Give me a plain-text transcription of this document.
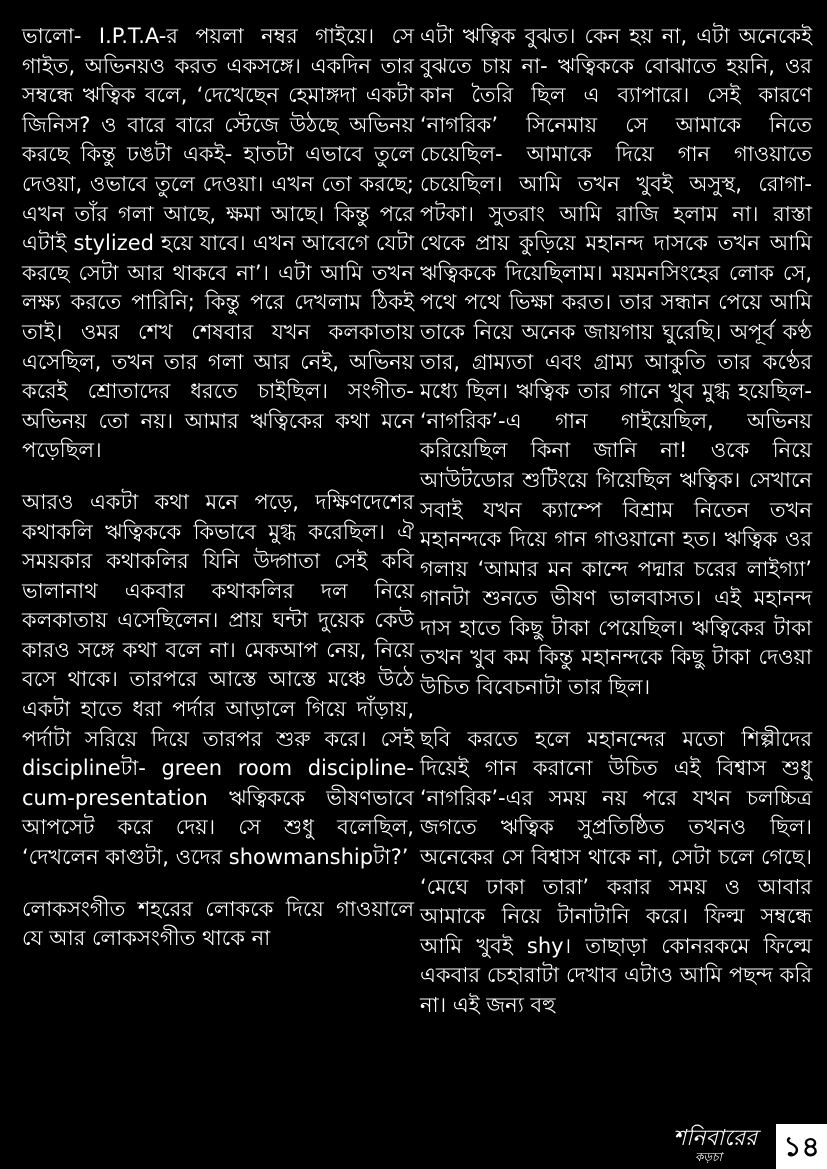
ভালো- I.P.T.A-র পয়লা নম্বর গাইয়ে। সে গাইত, অভিনয়ও করত একসঙ্গে। একদিন তার সম্বন্ধে ঋত্বিক বলে, ‘দেখেছেন হেমাঙ্গদা একটা জিনিস? ও বারে বারে স্টেজে উঠছে অভিনয় করছে কিন্তু ঢঙটা একই- হাতটা এভাবে তুলে দেওয়া, ওভাবে তুলে দেওয়া। এখন তো করছে; এখন তাঁর গলা আছে, ক্ষমা আছে। কিন্তু পরে এটাই stylized হয়ে যাবে। এখন আবেগে যেটা করছে সেটা আর থাকবে না’। এটা আমি তখন লক্ষ্য করতে পারিনি; কিন্তু পরে দেখলাম ঠিকই তাই। ওমর শেখ শেষবার যখন কলকাতায় এসেছিল, তখন তার গলা আর নেই, অভিনয় করেই শ্রোতাদের ধরতে চাইছিল। সংগীত-অভিনয় তো নয়। আমার ঋত্বিকের কথা মনে পড়েছিল।

আরও একটা কথা মনে পড়ে, দক্ষিণদেশের কথাকলি ঋত্বিককে কিভাবে মুগ্ধ করেছিল। ঐ সময়কার কথাকলির যিনি উদ্গাতা সেই কবি ভালানাথ একবার কথাকলির দল নিয়ে কলকাতায় এসেছিলেন। প্রায় ঘন্টা দুয়েক কেউ কারও সঙ্গে কথা বলে না। মেকআপ নেয়, নিয়ে বসে থাকে। তারপরে আস্তে আস্তে মঞ্চে উঠে একটা হাতে ধরা পর্দার আড়ালে গিয়ে দাঁড়ায়, পর্দাটা সরিয়ে দিয়ে তারপর শুরু করে। সেই disciplineটা- green room discipline-cum-presentation ঋত্বিককে ভীষণভাবে আপসেট করে দেয়। সে শুধু বলেছিল, ‘দেখলেন কাগুটা, ওদের showmanshipটা?’

লোকসংগীত শহরের লোককে দিয়ে গাওয়ালে যে আর লোকসংগীত থাকে না

এটা ঋত্বিক বুঝত। কেন হয় না, এটা অনেকেই বুঝতে চায় না- ঋত্বিককে বোঝাতে হয়নি, ওর কান তৈরি ছিল এ ব্যাপারে। সেই কারণে ‘নাগরিক’ সিনেমায় সে আমাকে নিতে চেয়েছিল- আমাকে দিয়ে গান গাওয়াতে চেয়েছিল। আমি তখন খুবই অসুস্থ, রোগা-পটকা। সুতরাং আমি রাজি হলাম না। রাস্তা থেকে প্রায় কুড়িয়ে মহানন্দ দাসকে তখন আমি ঋত্বিককে দিয়েছিলাম। ময়মনসিংহের লোক সে, পথে পথে ভিক্ষা করত। তার সন্ধান পেয়ে আমি তাকে নিয়ে অনেক জায়গায় ঘুরেছি। অপূর্ব কণ্ঠ তার, গ্রাম্যতা এবং গ্রাম্য আকুতি তার কণ্ঠের মধ্যে ছিল। ঋত্বিক তার গানে খুব মুগ্ধ হয়েছিল- ‘নাগরিক’-এ গান গাইয়েছিল, অভিনয় করিয়েছিল কিনা জানি না! ওকে নিয়ে আউটডোর শুটিংয়ে গিয়েছিল ঋত্বিক। সেখানে সবাই যখন ক্যাম্পে বিশ্রাম নিতেন তখন মহানন্দকে দিয়ে গান গাওয়ানো হত। ঋত্বিক ওর গলায় ‘আমার মন কান্দে পদ্মার চরের লাইগ্যা’ গানটা শুনতে ভীষণ ভালবাসত। এই মহানন্দ দাস হাতে কিছু টাকা পেয়েছিল। ঋত্বিকের টাকা তখন খুব কম কিন্তু মহানন্দকে কিছু টাকা দেওয়া উচিত বিবেচনাটা তার ছিল।

ছবি করতে হলে মহানন্দের মতো শিল্পীদের দিয়েই গান করানো উচিত এই বিশ্বাস শুধু ‘নাগরিক’-এর সময় নয় পরে যখন চলচ্চিত্র জগতে ঋত্বিক সুপ্রতিষ্ঠিত তখনও ছিল। অনেকের সে বিশ্বাস থাকে না, সেটা চলে গেছে। ‘মেঘে ঢাকা তারা’ করার সময় ও আবার আমাকে নিয়ে টানাটানি করে। ফিল্ম সম্বন্ধে আমি খুবই shy। তাছাড়া কোনরকমে ফিল্মে একবার চেহারাটা দেখাব এটাও আমি পছন্দ করি না। এই জন্য বহু

শনিবারের
কড়চা	১৪
